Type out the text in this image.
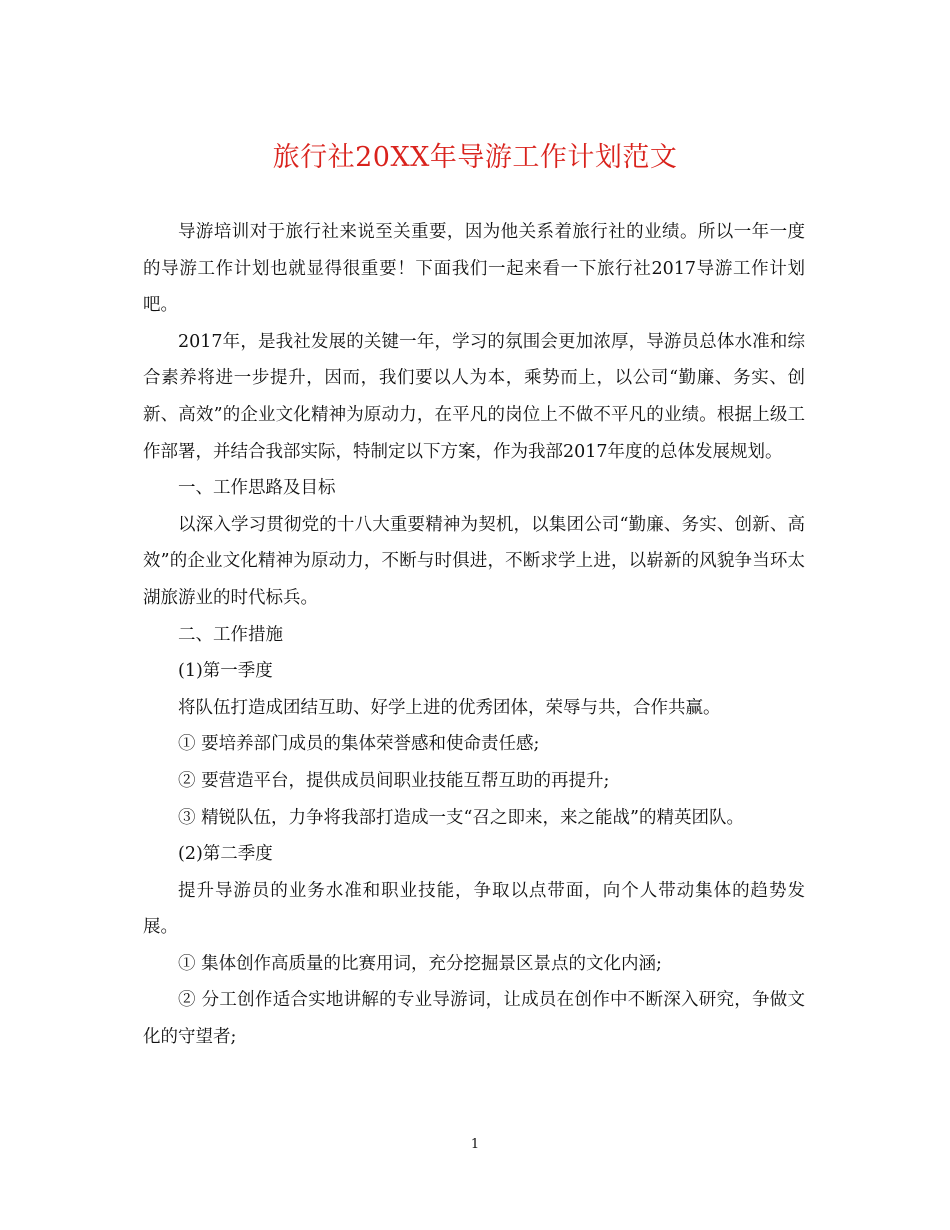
旅行社20XX年导游工作计划范文

导游培训对于旅行社来说至关重要，因为他关系着旅行社的业绩。所以一年一度的导游工作计划也就显得很重要！下面我们一起来看一下旅行社2017导游工作计划吧。

2017年，是我社发展的关键一年，学习的氛围会更加浓厚，导游员总体水准和综合素养将进一步提升，因而，我们要以人为本，乘势而上，以公司“勤廉、务实、创新、高效”的企业文化精神为原动力，在平凡的岗位上不做不平凡的业绩。根据上级工作部署，并结合我部实际，特制定以下方案，作为我部2017年度的总体发展规划。

一、工作思路及目标

以深入学习贯彻党的十八大重要精神为契机，以集团公司“勤廉、务实、创新、高效”的企业文化精神为原动力，不断与时俱进，不断求学上进，以崭新的风貌争当环太湖旅游业的时代标兵。

二、工作措施

(1)第一季度

将队伍打造成团结互助、好学上进的优秀团体，荣辱与共，合作共赢。

① 要培养部门成员的集体荣誉感和使命责任感;

② 要营造平台，提供成员间职业技能互帮互助的再提升;

③ 精锐队伍，力争将我部打造成一支“召之即来，来之能战”的精英团队。

(2)第二季度

提升导游员的业务水准和职业技能，争取以点带面，向个人带动集体的趋势发展。

① 集体创作高质量的比赛用词，充分挖掘景区景点的文化内涵;

② 分工创作适合实地讲解的专业导游词，让成员在创作中不断深入研究，争做文化的守望者;

1
